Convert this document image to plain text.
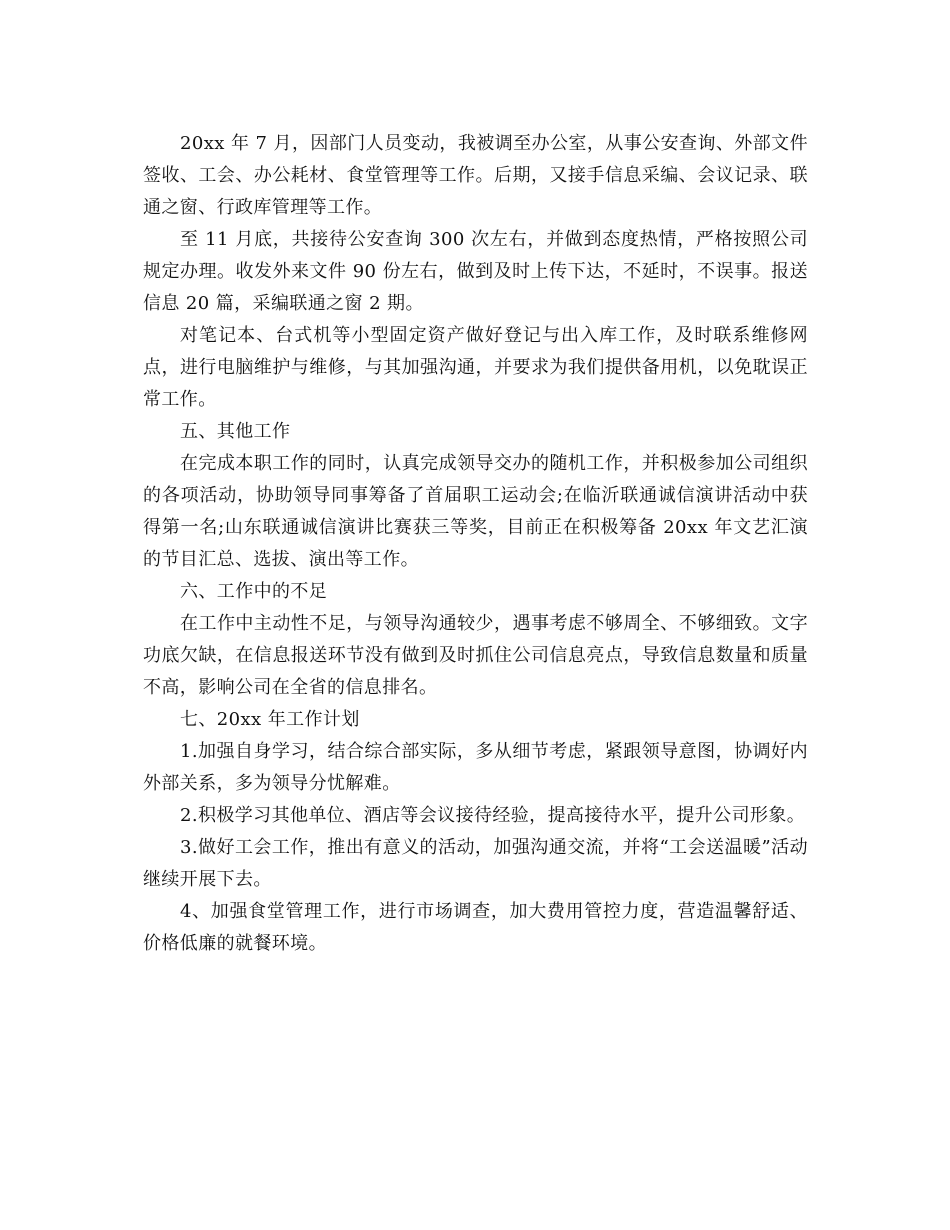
20xx 年 7 月，因部门人员变动，我被调至办公室，从事公安查询、外部文件签收、工会、办公耗材、食堂管理等工作。后期，又接手信息采编、会议记录、联通之窗、行政库管理等工作。

至 11 月底，共接待公安查询 300 次左右，并做到态度热情，严格按照公司规定办理。收发外来文件 90 份左右，做到及时上传下达，不延时，不误事。报送信息 20 篇，采编联通之窗 2 期。

对笔记本、台式机等小型固定资产做好登记与出入库工作，及时联系维修网点，进行电脑维护与维修，与其加强沟通，并要求为我们提供备用机，以免耽误正常工作。

五、其他工作

在完成本职工作的同时，认真完成领导交办的随机工作，并积极参加公司组织的各项活动，协助领导同事筹备了首届职工运动会;在临沂联通诚信演讲活动中获得第一名;山东联通诚信演讲比赛获三等奖，目前正在积极筹备 20xx 年文艺汇演的节目汇总、选拔、演出等工作。

六、工作中的不足

在工作中主动性不足，与领导沟通较少，遇事考虑不够周全、不够细致。文字功底欠缺，在信息报送环节没有做到及时抓住公司信息亮点，导致信息数量和质量不高，影响公司在全省的信息排名。

七、20xx 年工作计划

1.加强自身学习，结合综合部实际，多从细节考虑，紧跟领导意图，协调好内外部关系，多为领导分忧解难。

2.积极学习其他单位、酒店等会议接待经验，提高接待水平，提升公司形象。

3.做好工会工作，推出有意义的活动，加强沟通交流，并将“工会送温暖”活动继续开展下去。

4、加强食堂管理工作，进行市场调查，加大费用管控力度，营造温馨舒适、价格低廉的就餐环境。
